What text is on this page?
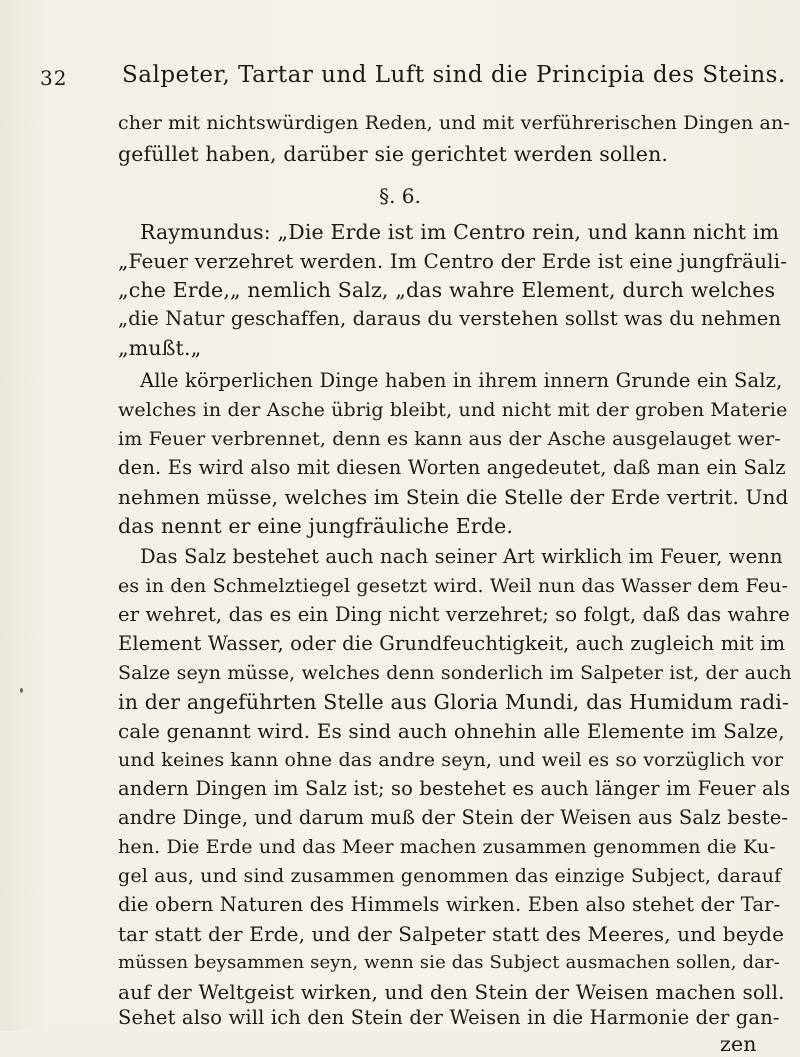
32 Salpeter, Tartar und Luft sind die Principia des Steins.
cher mit nichtswürdigen Reden, und mit verführerischen Dingen an-
gefüllet haben, darüber sie gerichtet werden sollen.
§. 6.
Raymundus: „Die Erde ist im Centro rein, und kann nicht im
„Feuer verzehret werden. Im Centro der Erde ist eine jungfräuli-
„che Erde,„ nemlich Salz, „das wahre Element, durch welches
„die Natur geschaffen, daraus du verstehen sollst was du nehmen
„mußt.„
Alle körperlichen Dinge haben in ihrem innern Grunde ein Salz,
welches in der Asche übrig bleibt, und nicht mit der groben Materie
im Feuer verbrennet, denn es kann aus der Asche ausgelauget wer-
den. Es wird also mit diesen Worten angedeutet, daß man ein Salz
nehmen müsse, welches im Stein die Stelle der Erde vertrit. Und
das nennt er eine jungfräuliche Erde.
Das Salz bestehet auch nach seiner Art wirklich im Feuer, wenn
es in den Schmelztiegel gesetzt wird. Weil nun das Wasser dem Feu-
er wehret, das es ein Ding nicht verzehret; so folgt, daß das wahre
Element Wasser, oder die Grundfeuchtigkeit, auch zugleich mit im
Salze seyn müsse, welches denn sonderlich im Salpeter ist, der auch
in der angeführten Stelle aus Gloria Mundi, das Humidum radi-
cale genannt wird. Es sind auch ohnehin alle Elemente im Salze,
und keines kann ohne das andre seyn, und weil es so vorzüglich vor
andern Dingen im Salz ist; so bestehet es auch länger im Feuer als
andre Dinge, und darum muß der Stein der Weisen aus Salz beste-
hen. Die Erde und das Meer machen zusammen genommen die Ku-
gel aus, und sind zusammen genommen das einzige Subject, darauf
die obern Naturen des Himmels wirken. Eben also stehet der Tar-
tar statt der Erde, und der Salpeter statt des Meeres, und beyde
müssen beysammen seyn, wenn sie das Subject ausmachen sollen, dar-
auf der Weltgeist wirken, und den Stein der Weisen machen soll.
Sehet also will ich den Stein der Weisen in die Harmonie der gan-
zen
